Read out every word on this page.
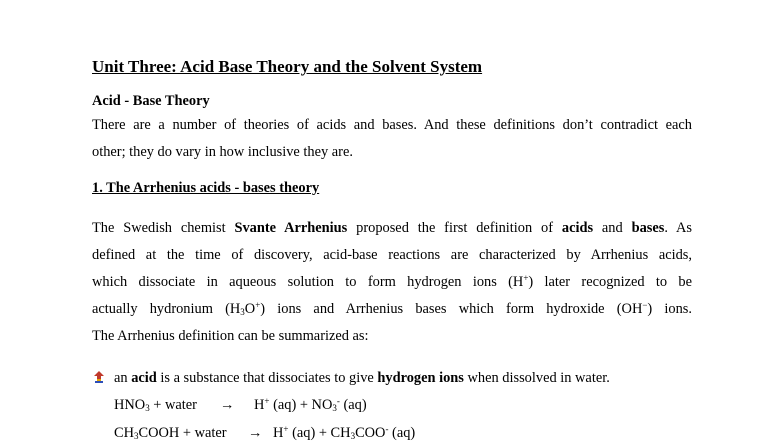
Unit Three: Acid Base Theory and the Solvent System
Acid - Base Theory
There are a number of theories of acids and bases. And these definitions don’t contradict each
other; they do vary in how inclusive they are.
1. The Arrhenius acids - bases theory
The Swedish chemist Svante Arrhenius proposed the first definition of acids and bases. As
defined at the time of discovery, acid-base reactions are characterized by Arrhenius acids,
which dissociate in aqueous solution to form hydrogen ions (H+) later recognized to be
actually hydronium $(H_3O^+)$ ions and Arrhenius bases which form hydroxide (OH−) ions.
The Arrhenius definition can be summarized as:
an acid is a substance that dissociates to give hydrogen ions when dissolved in water.
$HNO_3$ + water → H+ $(aq) + NO_3^-$ (aq)
$CH_3COOH$ + water → H+ $(aq) + CH_3COO^-$ (aq)
